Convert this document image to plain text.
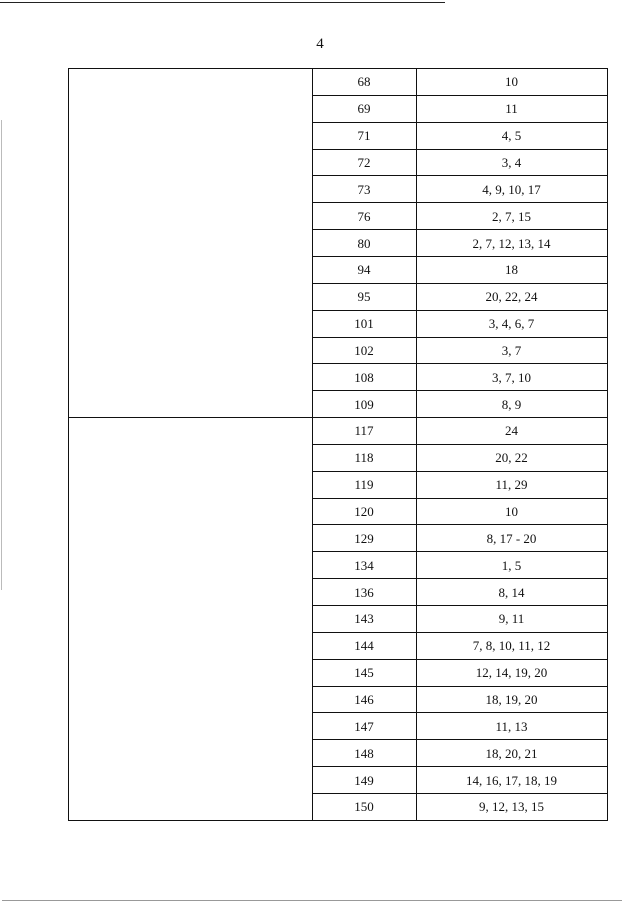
4
68	10
69	11
71	4, 5
72	3, 4
73	4, 9, 10, 17
76	2, 7, 15
80	2, 7, 12, 13, 14
94	18
95	20, 22, 24
101	3, 4, 6, 7
102	3, 7
108	3, 7, 10
109	8, 9
117	24
118	20, 22
119	11, 29
120	10
129	8, 17 - 20
134	1, 5
136	8, 14
143	9, 11
144	7, 8, 10, 11, 12
145	12, 14, 19, 20
146	18, 19, 20
147	11, 13
148	18, 20, 21
149	14, 16, 17, 18, 19
150	9, 12, 13, 15
